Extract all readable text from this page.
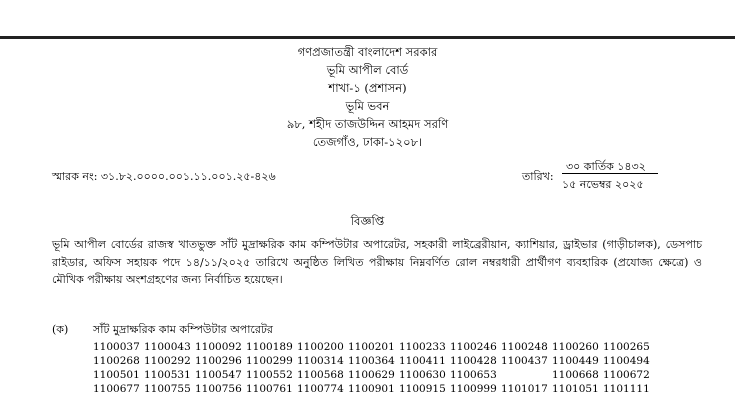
গণপ্রজাতন্ত্রী বাংলাদেশ সরকার
ভূমি আপীল বোর্ড
শাখা-১ (প্রশাসন)
ভূমি ভবন
৯৮, শহীদ তাজউদ্দিন আহমদ সরণি
তেজগাঁও, ঢাকা-১২০৮।
স্মারক নং: ৩১.৮২.০০০০.০০১.১১.০০১.২৫-৪২৬	তারিখ:
৩০ কার্তিক ১৪৩২
১৫ নভেম্বর ২০২৫
বিজ্ঞপ্তি
ভূমি আপীল বোর্ডের রাজস্ব খাতভুক্ত সাঁট মুদ্রাক্ষরিক কাম কম্পিউটার অপারেটর, সহকারী লাইব্রেরীয়ান, ক্যাশিয়ার, ড্রাইভার (গাড়ীচালক), ডেসপাচ রাইডার, অফিস সহায়ক পদে ১৪/১১/২০২৫ তারিখে অনুষ্ঠিত লিখিত পরীক্ষায় নিম্নবর্ণিত রোল নম্বরধারী প্রার্থীগণ ব্যবহারিক (প্রযোজ্য ক্ষেত্রে) ও মৌখিক পরীক্ষায় অংশগ্রহণের জন্য নির্বাচিত হয়েছেন।
(ক) সাঁট মুদ্রাক্ষরিক কাম কম্পিউটার অপারেটর
1100037 1100043 1100092 1100189 1100200 1100201 1100233 1100246 1100248 1100260 1100265
1100268 1100292 1100296 1100299 1100314 1100364 1100411 1100428 1100437 1100449 1100494
1100501 1100531 1100547 1100552 1100568 1100629 1100630 1100653	1100668 1100672
1100677 1100755 1100756 1100761 1100774 1100901 1100915 1100999 1101017 1101051 1101111
